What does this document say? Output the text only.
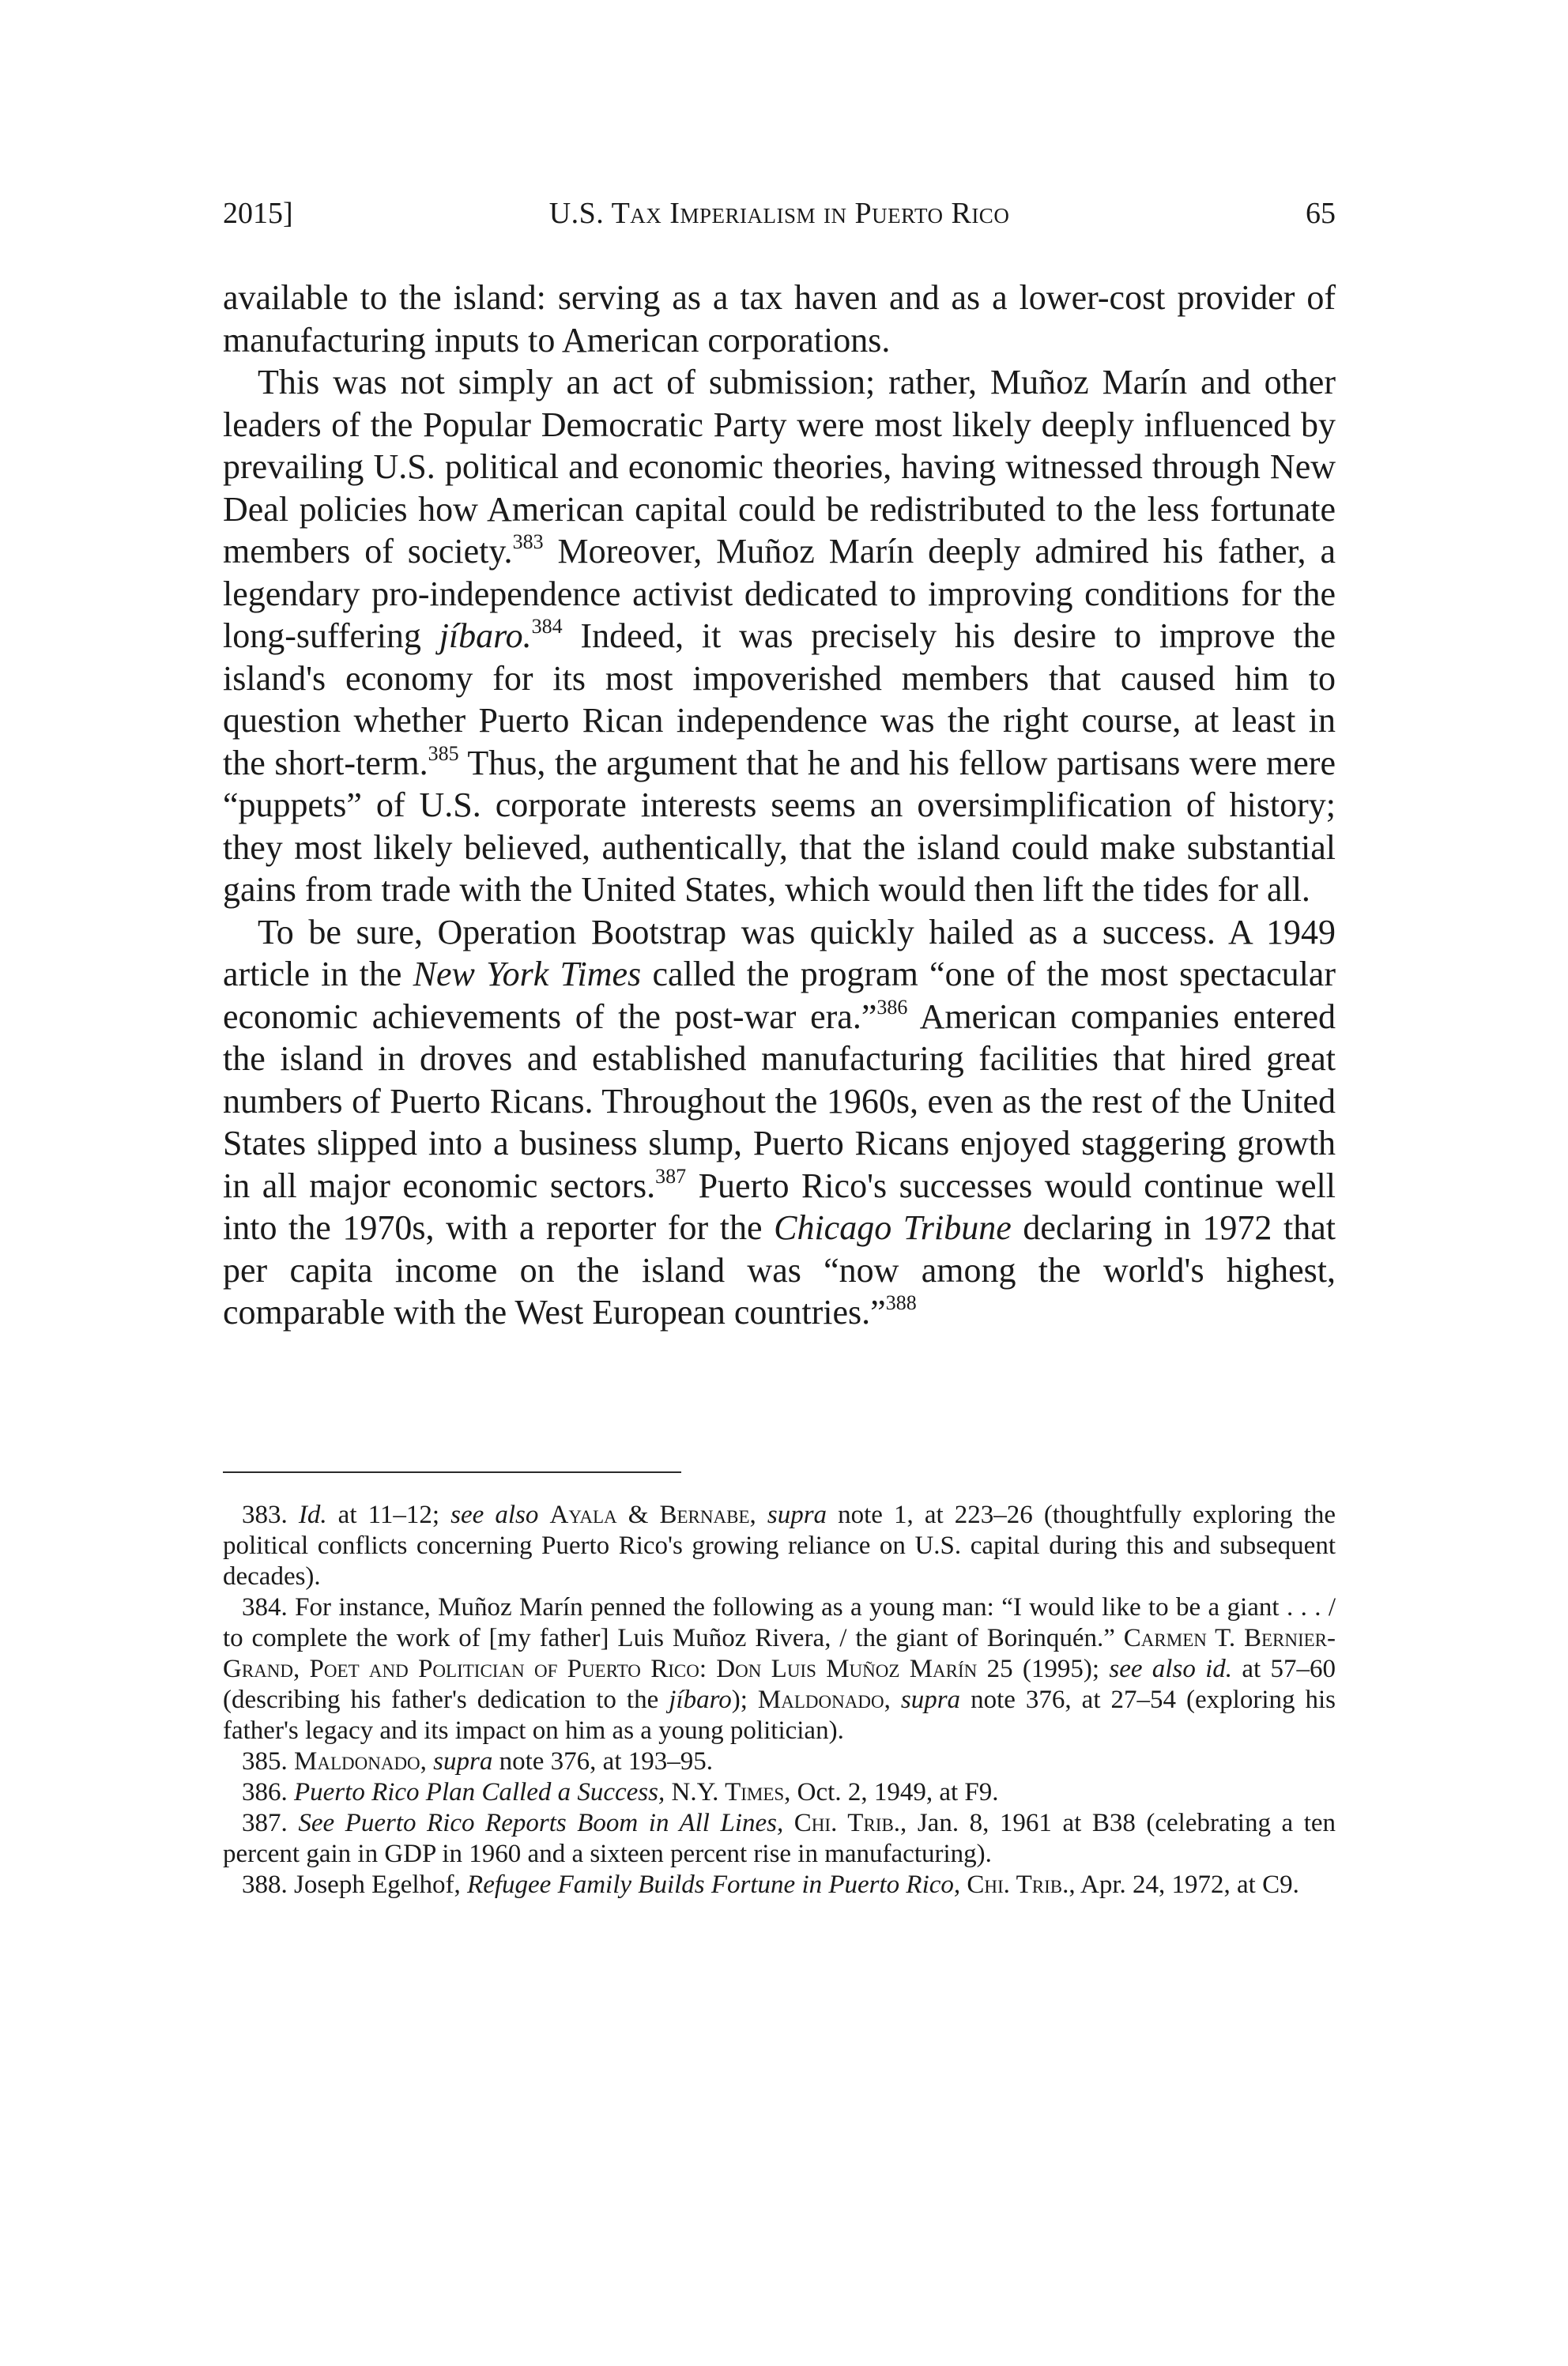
2015]	U.S. Tax Imperialism in Puerto Rico	65

available to the island: serving as a tax haven and as a lower-cost provider of manufacturing inputs to American corporations.

This was not simply an act of submission; rather, Muñoz Marín and other leaders of the Popular Democratic Party were most likely deeply influenced by prevailing U.S. political and economic theories, having witnessed through New Deal policies how American capital could be redistributed to the less fortunate members of society.$^{383}$ Moreover, Muñoz Marín deeply admired his father, a legendary pro-independence activist dedicated to improving conditions for the long-suffering jíbaro.$^{384}$ Indeed, it was precisely his desire to improve the island's economy for its most impoverished members that caused him to question whether Puerto Rican independence was the right course, at least in the short-term.$^{385}$ Thus, the argument that he and his fellow partisans were mere “puppets” of U.S. corporate interests seems an oversimplification of history; they most likely believed, authentically, that the island could make substantial gains from trade with the United States, which would then lift the tides for all.

To be sure, Operation Bootstrap was quickly hailed as a success. A 1949 article in the New York Times called the program “one of the most spectacular economic achievements of the post-war era.”$^{386}$ American companies entered the island in droves and established manufacturing facilities that hired great numbers of Puerto Ricans. Throughout the 1960s, even as the rest of the United States slipped into a business slump, Puerto Ricans enjoyed staggering growth in all major economic sectors.$^{387}$ Puerto Rico's successes would continue well into the 1970s, with a reporter for the Chicago Tribune declaring in 1972 that per capita income on the island was “now among the world's highest, comparable with the West European countries.”$^{388}$

383. Id. at 11–12; see also Ayala & Bernabe, supra note 1, at 223–26 (thoughtfully exploring the political conflicts concerning Puerto Rico's growing reliance on U.S. capital during this and subsequent decades).

384. For instance, Muñoz Marín penned the following as a young man: “I would like to be a giant . . . / to complete the work of [my father] Luis Muñoz Rivera, / the giant of Borinquén.” Carmen T. Bernier-Grand, Poet and Politician of Puerto Rico: Don Luis Muñoz Marín 25 (1995); see also id. at 57–60 (describing his father's dedication to the jíbaro); Maldonado, supra note 376, at 27–54 (exploring his father's legacy and its impact on him as a young politician).

385. Maldonado, supra note 376, at 193–95.

386. Puerto Rico Plan Called a Success, N.Y. Times, Oct. 2, 1949, at F9.

387. See Puerto Rico Reports Boom in All Lines, Chi. Trib., Jan. 8, 1961 at B38 (celebrating a ten percent gain in GDP in 1960 and a sixteen percent rise in manufacturing).

388. Joseph Egelhof, Refugee Family Builds Fortune in Puerto Rico, Chi. Trib., Apr. 24, 1972, at C9.
